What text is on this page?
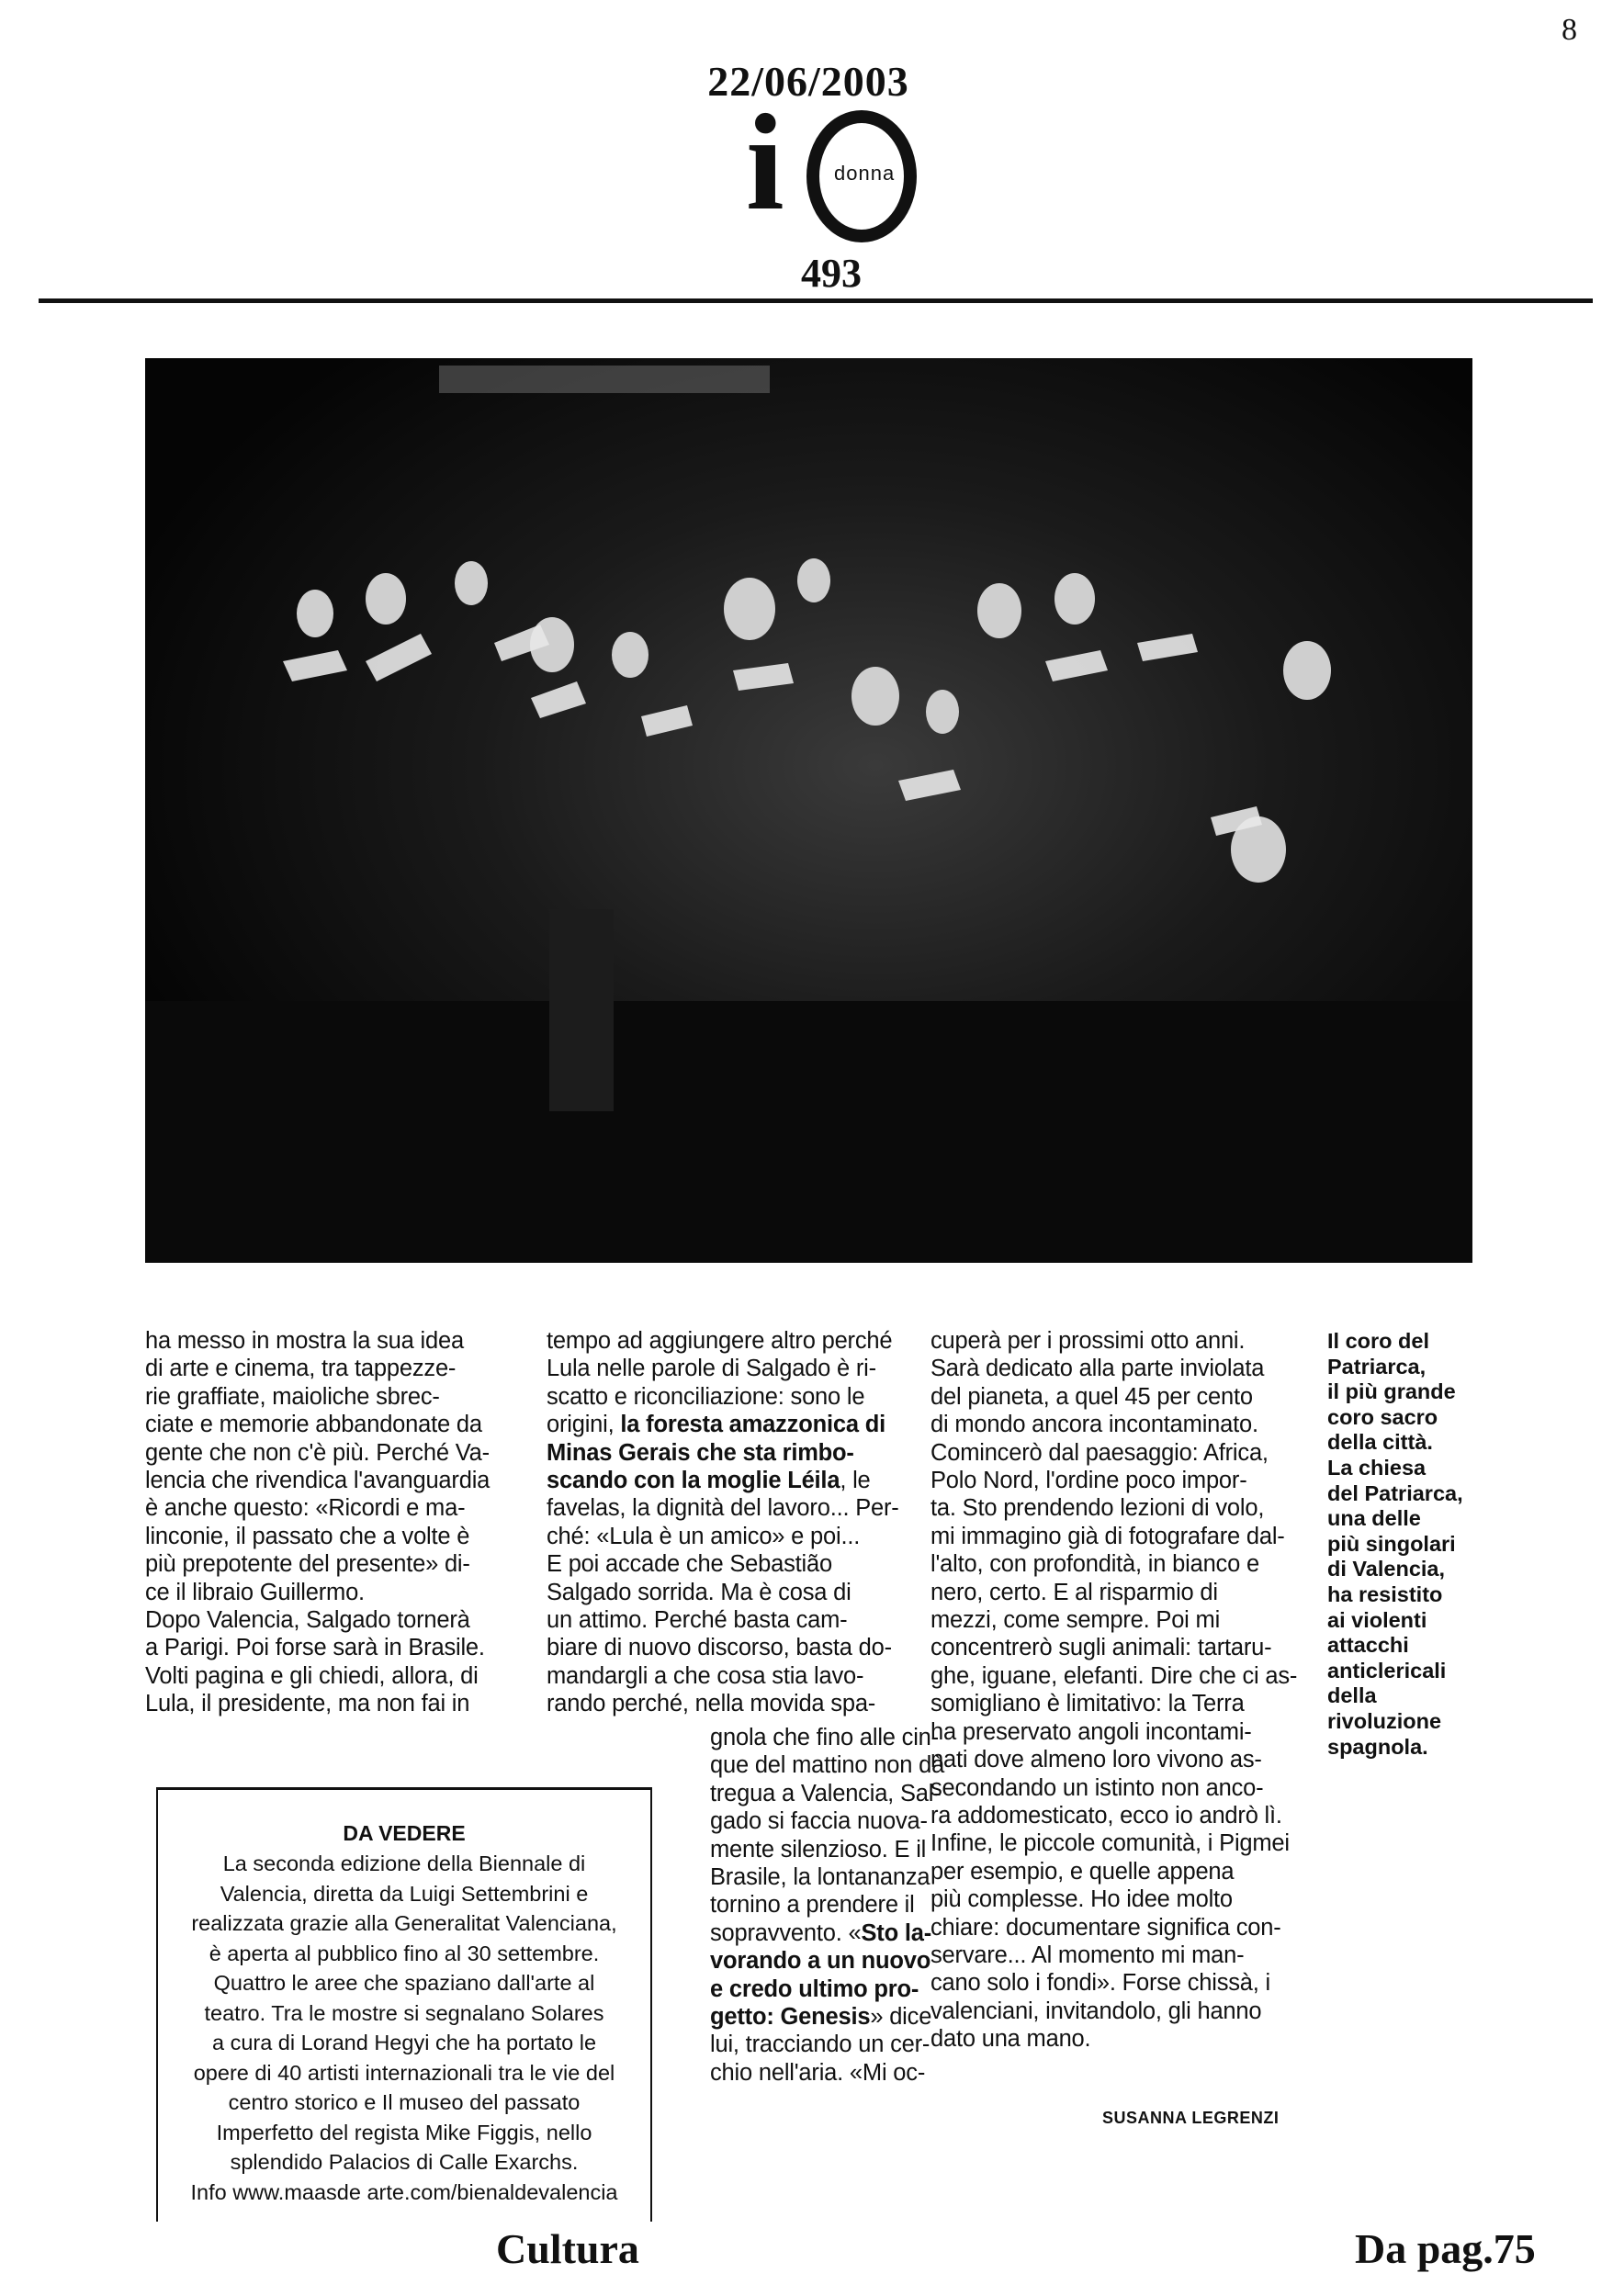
8
22/06/2003
i donna
493
ha messo in mostra la sua idea
di arte e cinema, tra tappezze-
rie graffiate, maioliche sbrec-
ciate e memorie abbandonate da
gente che non c'è più. Perché Va-
lencia che rivendica l'avanguardia
è anche questo: «Ricordi e ma-
linconie, il passato che a volte è
più prepotente del presente» di-
ce il libraio Guillermo.
Dopo Valencia, Salgado tornerà
a Parigi. Poi forse sarà in Brasile.
Volti pagina e gli chiedi, allora, di
Lula, il presidente, ma non fai in
tempo ad aggiungere altro perché
Lula nelle parole di Salgado è ri-
scatto e riconciliazione: sono le
origini, la foresta amazzonica di
Minas Gerais che sta rimbo-
scando con la moglie Léila, le
favelas, la dignità del lavoro... Per-
ché: «Lula è un amico» e poi...
E poi accade che Sebastião
Salgado sorrida. Ma è cosa di
un attimo. Perché basta cam-
biare di nuovo discorso, basta do-
mandargli a che cosa stia lavo-
rando perché, nella movida spa-
gnola che fino alle cin-
que del mattino non dà
tregua a Valencia, Sal-
gado si faccia nuova-
mente silenzioso. E il
Brasile, la lontananza
tornino a prendere il
sopravvento. «Sto la-
vorando a un nuovo
e credo ultimo pro-
getto: Genesis» dice
lui, tracciando un cer-
chio nell'aria. «Mi oc-
cuperà per i prossimi otto anni.
Sarà dedicato alla parte inviolata
del pianeta, a quel 45 per cento
di mondo ancora incontaminato.
Comincerò dal paesaggio: Africa,
Polo Nord, l'ordine poco impor-
ta. Sto prendendo lezioni di volo,
mi immagino già di fotografare dal-
l'alto, con profondità, in bianco e
nero, certo. E al risparmio di
mezzi, come sempre. Poi mi
concentrerò sugli animali: tartaru-
ghe, iguane, elefanti. Dire che ci as-
somigliano è limitativo: la Terra
ha preservato angoli incontami-
nati dove almeno loro vivono as-
secondando un istinto non anco-
ra addomesticato, ecco io andrò lì.
Infine, le piccole comunità, i Pigmei
per esempio, e quelle appena
più complesse. Ho idee molto
chiare: documentare significa con-
servare... Al momento mi man-
cano solo i fondi». Forse chissà, i
valenciani, invitandolo, gli hanno
dato una mano.
SUSANNA LEGRENZI
Il coro del
Patriarca,
il più grande
coro sacro
della città.
La chiesa
del Patriarca,
una delle
più singolari
di Valencia,
ha resistito
ai violenti
attacchi
anticlericali
della
rivoluzione
spagnola.
DA VEDERE
La seconda edizione della Biennale di
Valencia, diretta da Luigi Settembrini e
realizzata grazie alla Generalitat Valenciana,
è aperta al pubblico fino al 30 settembre.
Quattro le aree che spaziano dall'arte al
teatro. Tra le mostre si segnalano Solares
a cura di Lorand Hegyi che ha portato le
opere di 40 artisti internazionali tra le vie del
centro storico e Il museo del passato
Imperfetto del regista Mike Figgis, nello
splendido Palacios di Calle Exarchs.
Info www.maasde arte.com/bienaldevalencia
Cultura	Da pag.75
